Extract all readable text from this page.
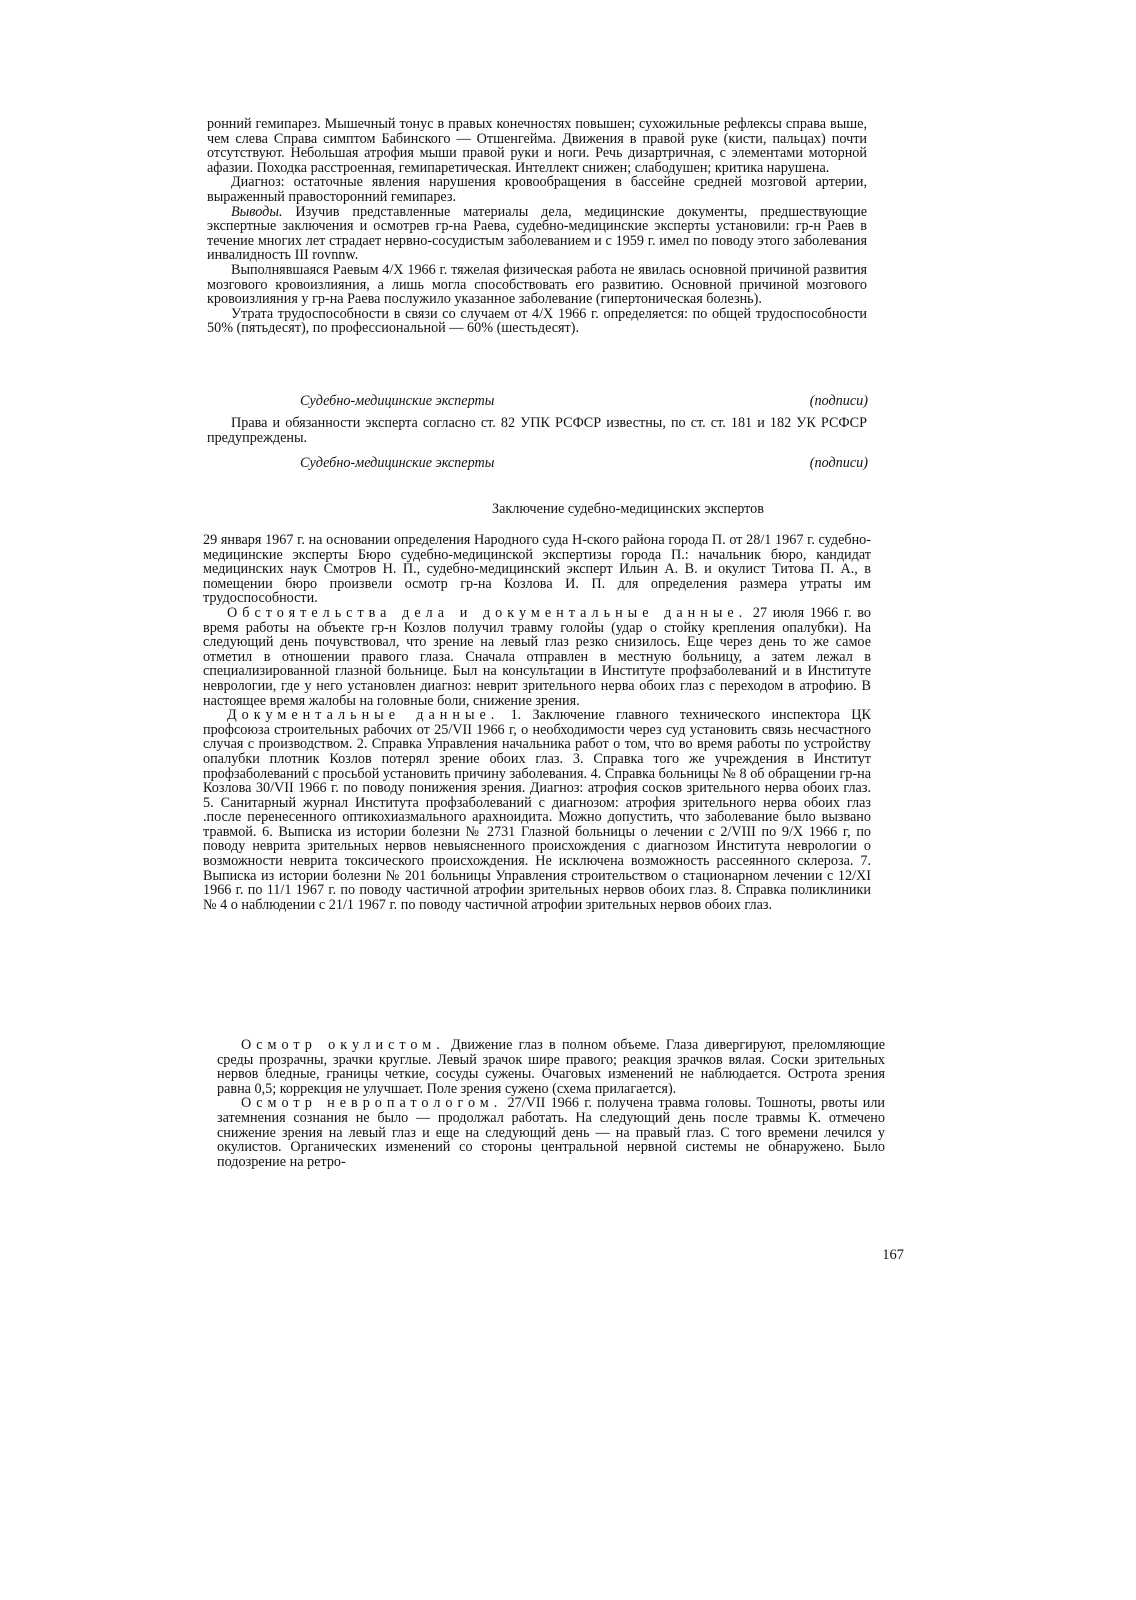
ронний гемипарез. Мышечный тонус в правых конечностях повышен; сухожильные рефлексы справа выше, чем слева Справа симптом Бабинского — Отшенгейма. Движения в правой руке (кисти, пальцах) почти отсутствуют. Небольшая атрофия мыши правой руки и ноги. Речь дизартричная, с элементами моторной афазии. Походка расстроенная, гемипаретическая. Интеллект снижен; слабодушен; критика нарушена.

Диагноз: остаточные явления нарушения кровообращения в бассейне средней мозговой артерии, выраженный правосторонний гемипарез.

Выводы. Изучив представленные материалы дела, медицинские документы, предшествующие экспертные заключения и осмотрев гр-на Раева, судебно-медицинские эксперты установили: гр-н Раев в течение многих лет страдает нервно-сосудистым заболеванием и с 1959 г. имел по поводу этого заболевания инвалидность III rovnnw.

Выполнявшаяся Раевым 4/X 1966 г. тяжелая физическая работа не явилась основной причиной развития мозгового кровоизлияния, а лишь могла способствовать его развитию. Основной причиной мозгового кровоизлияния у гр-на Раева послужило указанное заболевание (гипертоническая болезнь).

Утрата трудоспособности в связи со случаем от 4/X 1966 г. определяется: по общей трудоспособности 50% (пятьдесят), по профессиональной — 60% (шестьдесят).

Судебно-медицинские эксперты	(подписи)

Права и обязанности эксперта согласно ст. 82 УПК РСФСР известны, по ст. ст. 181 и 182 УК РСФСР предупреждены.

Судебно-медицинские эксперты	(подписи)
Заключение судебно-медицинских экспертов

29 января 1967 г. на основании определения Народного суда Н-ского района города П. от 28/1 1967 г. судебно-медицинские эксперты Бюро судебно-медицинской экспертизы города П.: начальник бюро, кандидат медицинских наук Смотров Н. П., судебно-медицинский эксперт Ильин А. В. и окулист Титова П. А., в помещении бюро произвели осмотр гр-на Козлова И. П. для определения размера утраты им трудоспособности.

Обстоятельства дела и документальные данные. 27 июля 1966 г. во время работы на объекте гр-н Козлов получил травму голойы (удар о стойку крепления опалубки). На следующий день почувствовал, что зрение на левый глаз резко снизилось. Еще через день то же самое отметил в отношении правого глаза. Сначала отправлен в местную больницу, а затем лежал в специализированной глазной больнице. Был на консультации в Институте профзаболеваний и в Институте неврологии, где у него установлен диагноз: неврит зрительного нерва обоих глаз с переходом в атрофию. В настоящее время жалобы на головные боли, снижение зрения.

Документальные данные. 1. Заключение главного технического инспектора ЦК профсоюза строительных рабочих от 25/VII 1966 г, о необходимости через суд установить связь несчастного случая с производством. 2. Справка Управления начальника работ о том, что во время работы по устройству опалубки плотник Козлов потерял зрение обоих глаз. 3. Справка того же учреждения в Институт профзаболеваний с просьбой установить причину заболевания. 4. Справка больницы № 8 об обращении гр-на Козлова 30/VII 1966 г. по поводу понижения зрения. Диагноз: атрофия сосков зрительного нерва обоих глаз. 5. Санитарный журнал Института профзаболеваний с диагнозом: атрофия зрительного нерва обоих глаз .после перенесенного оптикохиазмального арахноидита. Можно допустить, что заболевание было вызвано травмой. 6. Выписка из истории болезни № 2731 Глазной больницы о лечении с 2/VIII по 9/X 1966 г, по поводу неврита зрительных нервов невыясненного происхождения с диагнозом Института неврологии о возможности неврита токсического происхождения. Не исключена возможность рассеянного склероза. 7. Выписка из истории болезни № 201 больницы Управления строительством о стационарном лечении с 12/XI 1966 г. по 11/1 1967 г. по поводу частичной атрофии зрительных нервов обоих глаз. 8. Справка поликлиники № 4 о наблюдении с 21/1 1967 г. по поводу частичной атрофии зрительных нервов обоих глаз.

Осмотр окулистом. Движение глаз в полном объеме. Глаза дивергируют, преломляющие среды прозрачны, зрачки круглые. Левый зрачок шире правого; реакция зрачков вялая. Соски зрительных нервов бледные, границы четкие, сосуды сужены. Очаговых изменений не наблюдается. Острота зрения равна 0,5; коррекция не улучшает. Поле зрения сужено (схема прилагается).

Осмотр невропатологом. 27/VII 1966 г. получена травма головы. Тошноты, рвоты или затемнения сознания не было — продолжал работать. На следующий день после травмы К. отмечено снижение зрения на левый глаз и еще на следующий день — на правый глаз. С того времени лечился у окулистов. Органических изменений со стороны центральной нервной системы не обнаружено. Было подозрение на ретро-

167
